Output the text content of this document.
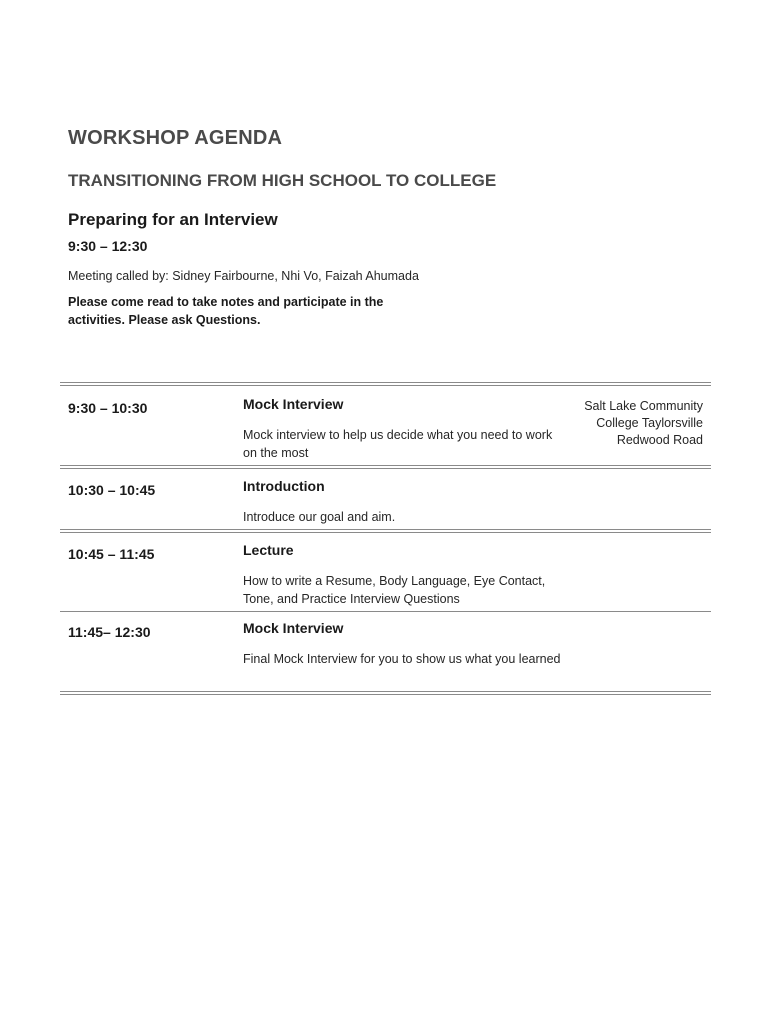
WORKSHOP AGENDA
TRANSITIONING FROM HIGH SCHOOL TO COLLEGE
Preparing for an Interview
9:30 – 12:30
Meeting called by: Sidney Fairbourne, Nhi Vo, Faizah Ahumada
Please come read to take notes and participate in the activities. Please ask Questions.
9:30 – 10:30	Mock Interview
Mock interview to help us decide what you need to work on the most
Salt Lake Community College Taylorsville Redwood Road
10:30 – 10:45	Introduction
Introduce our goal and aim.
10:45 – 11:45	Lecture
How to write a Resume, Body Language, Eye Contact, Tone, and Practice Interview Questions
11:45– 12:30	Mock Interview
Final Mock Interview for you to show us what you learned
